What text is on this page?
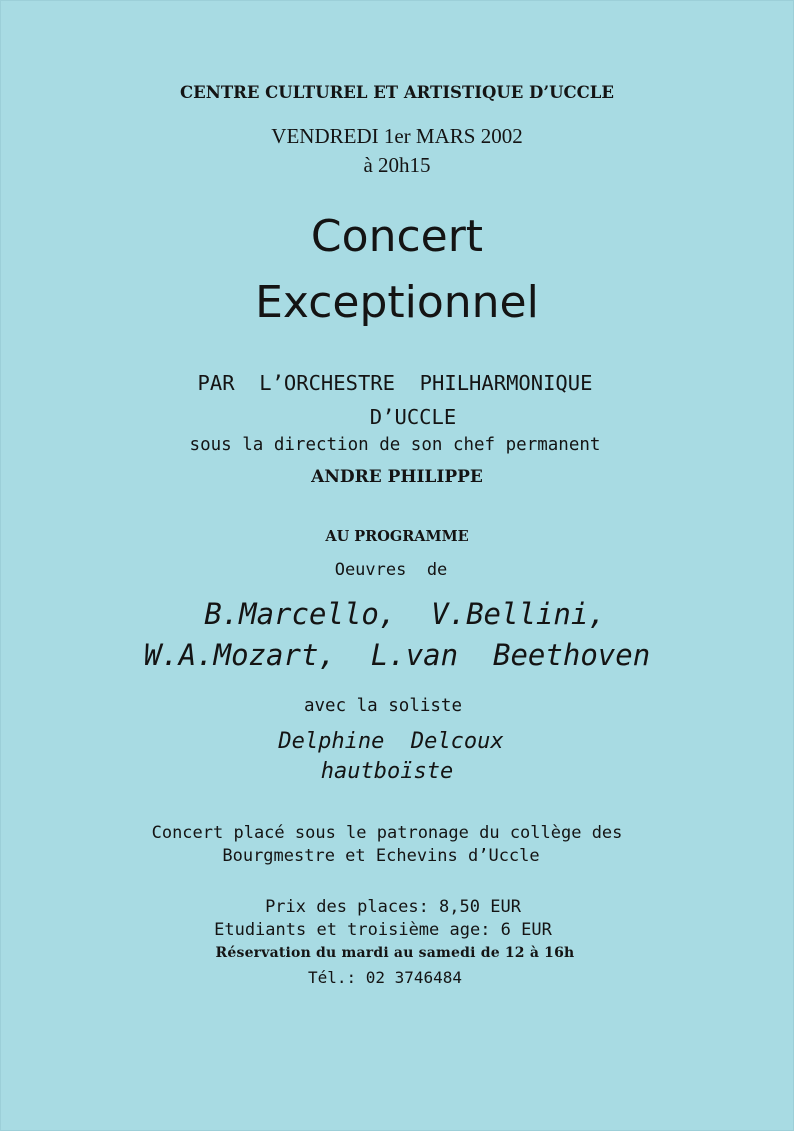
CENTRE CULTUREL ET ARTISTIQUE D’UCCLE
VENDREDI 1er MARS 2002
à 20h15
Concert
Exceptionnel
PAR  L’ORCHESTRE  PHILHARMONIQUE
D’UCCLE
sous la direction de son chef permanent
ANDRE PHILIPPE
AU PROGRAMME
Oeuvres  de
B.Marcello,  V.Bellini,
W.A.Mozart,  L.van  Beethoven
avec la soliste
Delphine  Delcoux
hautboïste
Concert placé sous le patronage du collège des
Bourgmestre et Echevins d’Uccle
Prix des places: 8,50 EUR
Etudiants et troisième age: 6 EUR
Réservation du mardi au samedi de 12 à 16h
Tél.: 02 3746484
